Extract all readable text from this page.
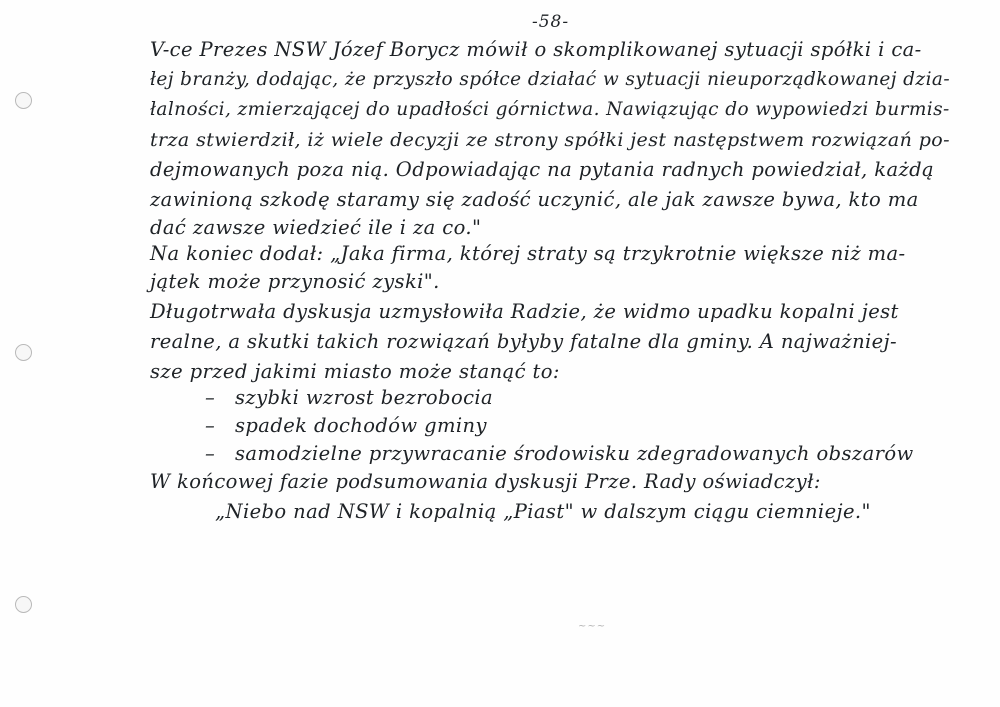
-58-

V-ce Prezes NSW Józef Borycz mówił o skomplikowanej sytuacji spółki i ca-

łej branży, dodając, że przyszło spółce działać w sytuacji nieuporządkowanej dzia-

łalności, zmierzającej do upadłości górnictwa. Nawiązując do wypowiedzi burmis-

trza stwierdził, iż wiele decyzji ze strony spółki jest następstwem rozwiązań po-

dejmowanych poza nią. Odpowiadając na pytania radnych powiedział, każdą

zawinioną szkodę staramy się zadość uczynić, ale jak zawsze bywa, kto ma

dać zawsze wiedzieć ile i za co."

Na koniec dodał: „Jaka firma, której straty są trzykrotnie większe niż ma-

jątek może przynosić zyski".

Długotrwała dyskusja uzmysłowiła Radzie, że widmo upadku kopalni jest

realne, a skutki takich rozwiązań byłyby fatalne dla gminy. A najważniej-

sze przed jakimi miasto może stanąć to:

– szybki wzrost bezrobocia

– spadek dochodów gminy

– samodzielne przywracanie środowisku zdegradowanych obszarów

W końcowej fazie podsumowania dyskusji Prze. Rady oświadczył:

„Niebo nad NSW i kopalnią „Piast" w dalszym ciągu ciemnieje."

~~~
